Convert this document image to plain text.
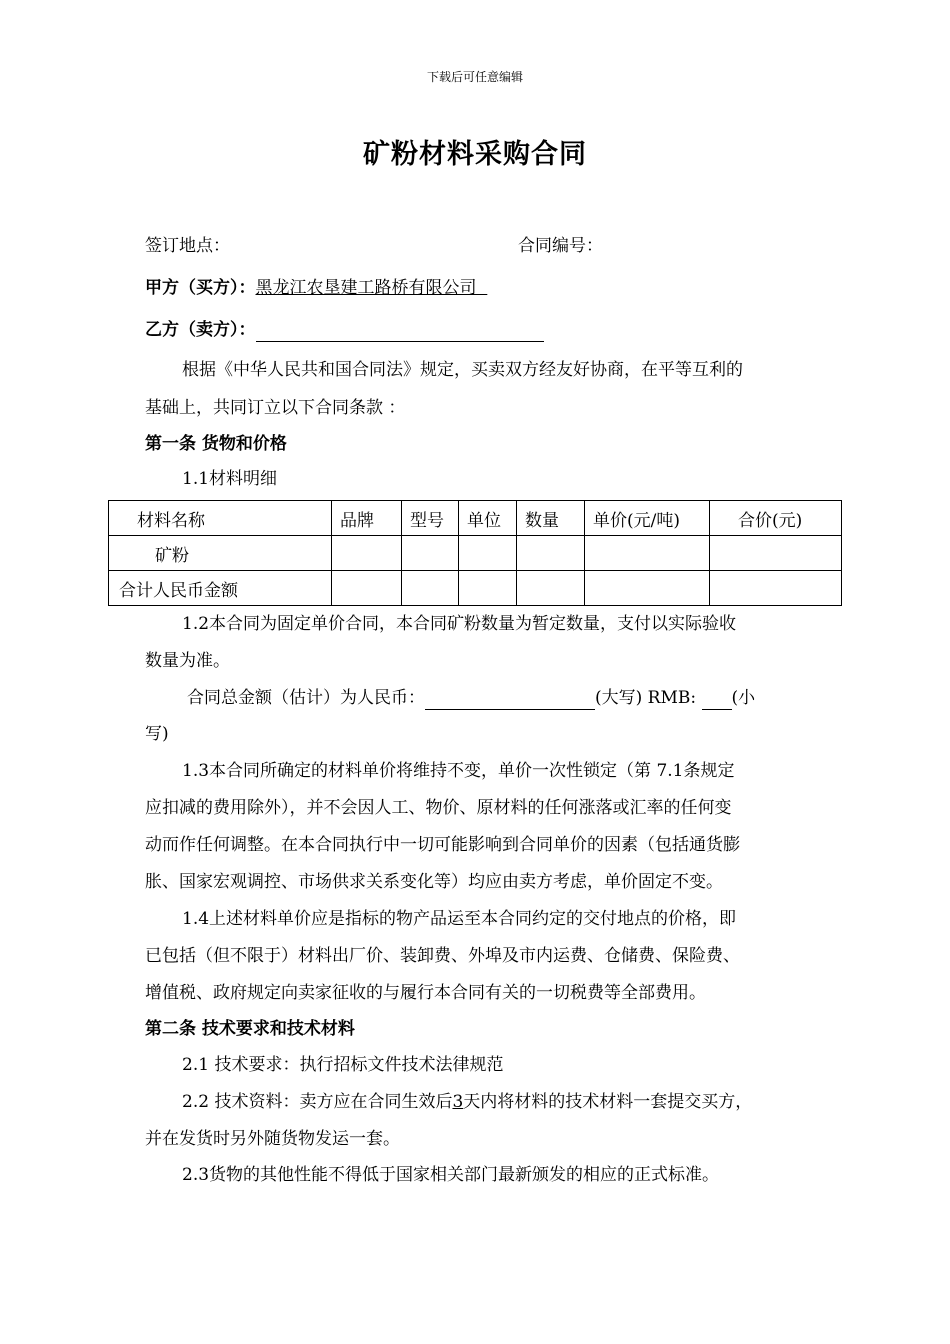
下载后可任意编辑
矿粉材料采购合同
签订地点：	合同编号：
甲方（买方）：黑龙江农垦建工路桥有限公司
乙方（卖方）：
根据《中华人民共和国合同法》规定，买卖双方经友好协商，在平等互利的
基础上，共同订立以下合同条款 ：
第一条 货物和价格
1.1材料明细
材料名称	品牌	型号	单位	数量	单价(元/吨)	合价(元)
矿粉						
合计人民币金额						
1.2本合同为固定单价合同，本合同矿粉数量为暂定数量，支付以实际验收
数量为准。
合同总金额（估计）为人民币：	(大写) RMB: (小
写)
1.3本合同所确定的材料单价将维持不变，单价一次性锁定（第 7.1条规定
应扣减的费用除外），并不会因人工、物价、原材料的任何涨落或汇率的任何变
动而作任何调整。在本合同执行中一切可能影响到合同单价的因素（包括通货膨
胀、国家宏观调控、市场供求关系变化等）均应由卖方考虑，单价固定不变。
1.4上述材料单价应是指标的物产品运至本合同约定的交付地点的价格，即
已包括（但不限于）材料出厂价、装卸费、外埠及市内运费、仓储费、保险费、
增值税、政府规定向卖家征收的与履行本合同有关的一切税费等全部费用。
第二条 技术要求和技术材料
2.1 技术要求：执行招标文件技术法律规范
2.2 技术资料：卖方应在合同生效后3天内将材料的技术材料一套提交买方，
并在发货时另外随货物发运一套。
2.3货物的其他性能不得低于国家相关部门最新颁发的相应的正式标准。
